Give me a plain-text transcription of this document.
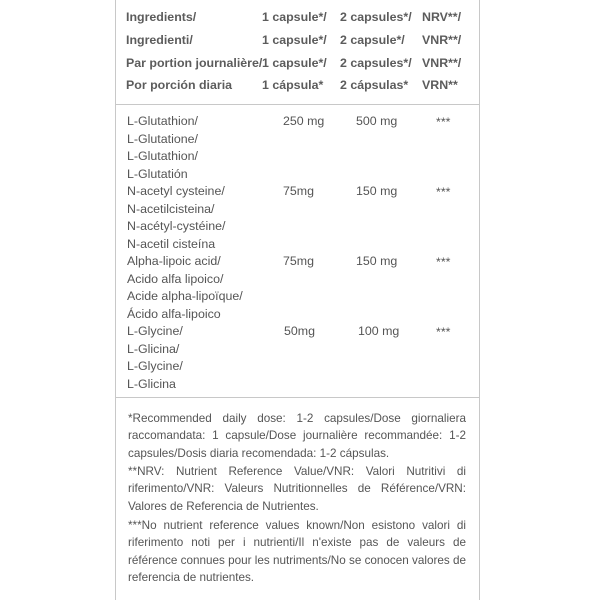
Ingredients/	1 capsule*/ 2 capsules*/ NRV**/
Ingredienti/	1 capsule*/ 2 capsule*/ VNR**/
Par portion journalière/ 1 capsule*/ 2 capsules*/ VNR**/
Por porción diaria 1 cápsula* 2 cápsulas* VRN**
L-Glutathion/
L-Glutatione/
L-Glutathion/
L-Glutatión
250 mg	500 mg	***
N-acetyl cysteine/
N-acetilcisteina/
N-acétyl-cystéine/
N-acetil cisteína
75mg	150 mg	***
Alpha-lipoic acid/
Acido alfa lipoico/
Acide alpha-lipoïque/
Ácido alfa-lipoico
75mg	150 mg	***
L-Glycine/
L-Glicina/
L-Glycine/
L-Glicina
50mg	100 mg	***
*Recommended daily dose: 1-2 capsules/Dose giornaliera raccomandata: 1 capsule/Dose journalière recommandée: 1-2 capsules/Dosis diaria recomendada: 1-2 cápsulas.
**NRV: Nutrient Reference Value/VNR: Valori Nutritivi di riferimento/VNR: Valeurs Nutritionnelles de Référence/VRN: Valores de Referencia de Nutrientes.
***No nutrient reference values known/Non esistono valori di riferimento noti per i nutrienti/Il n'existe pas de valeurs de référence connues pour les nutriments/No se conocen valores de referencia de nutrientes.
